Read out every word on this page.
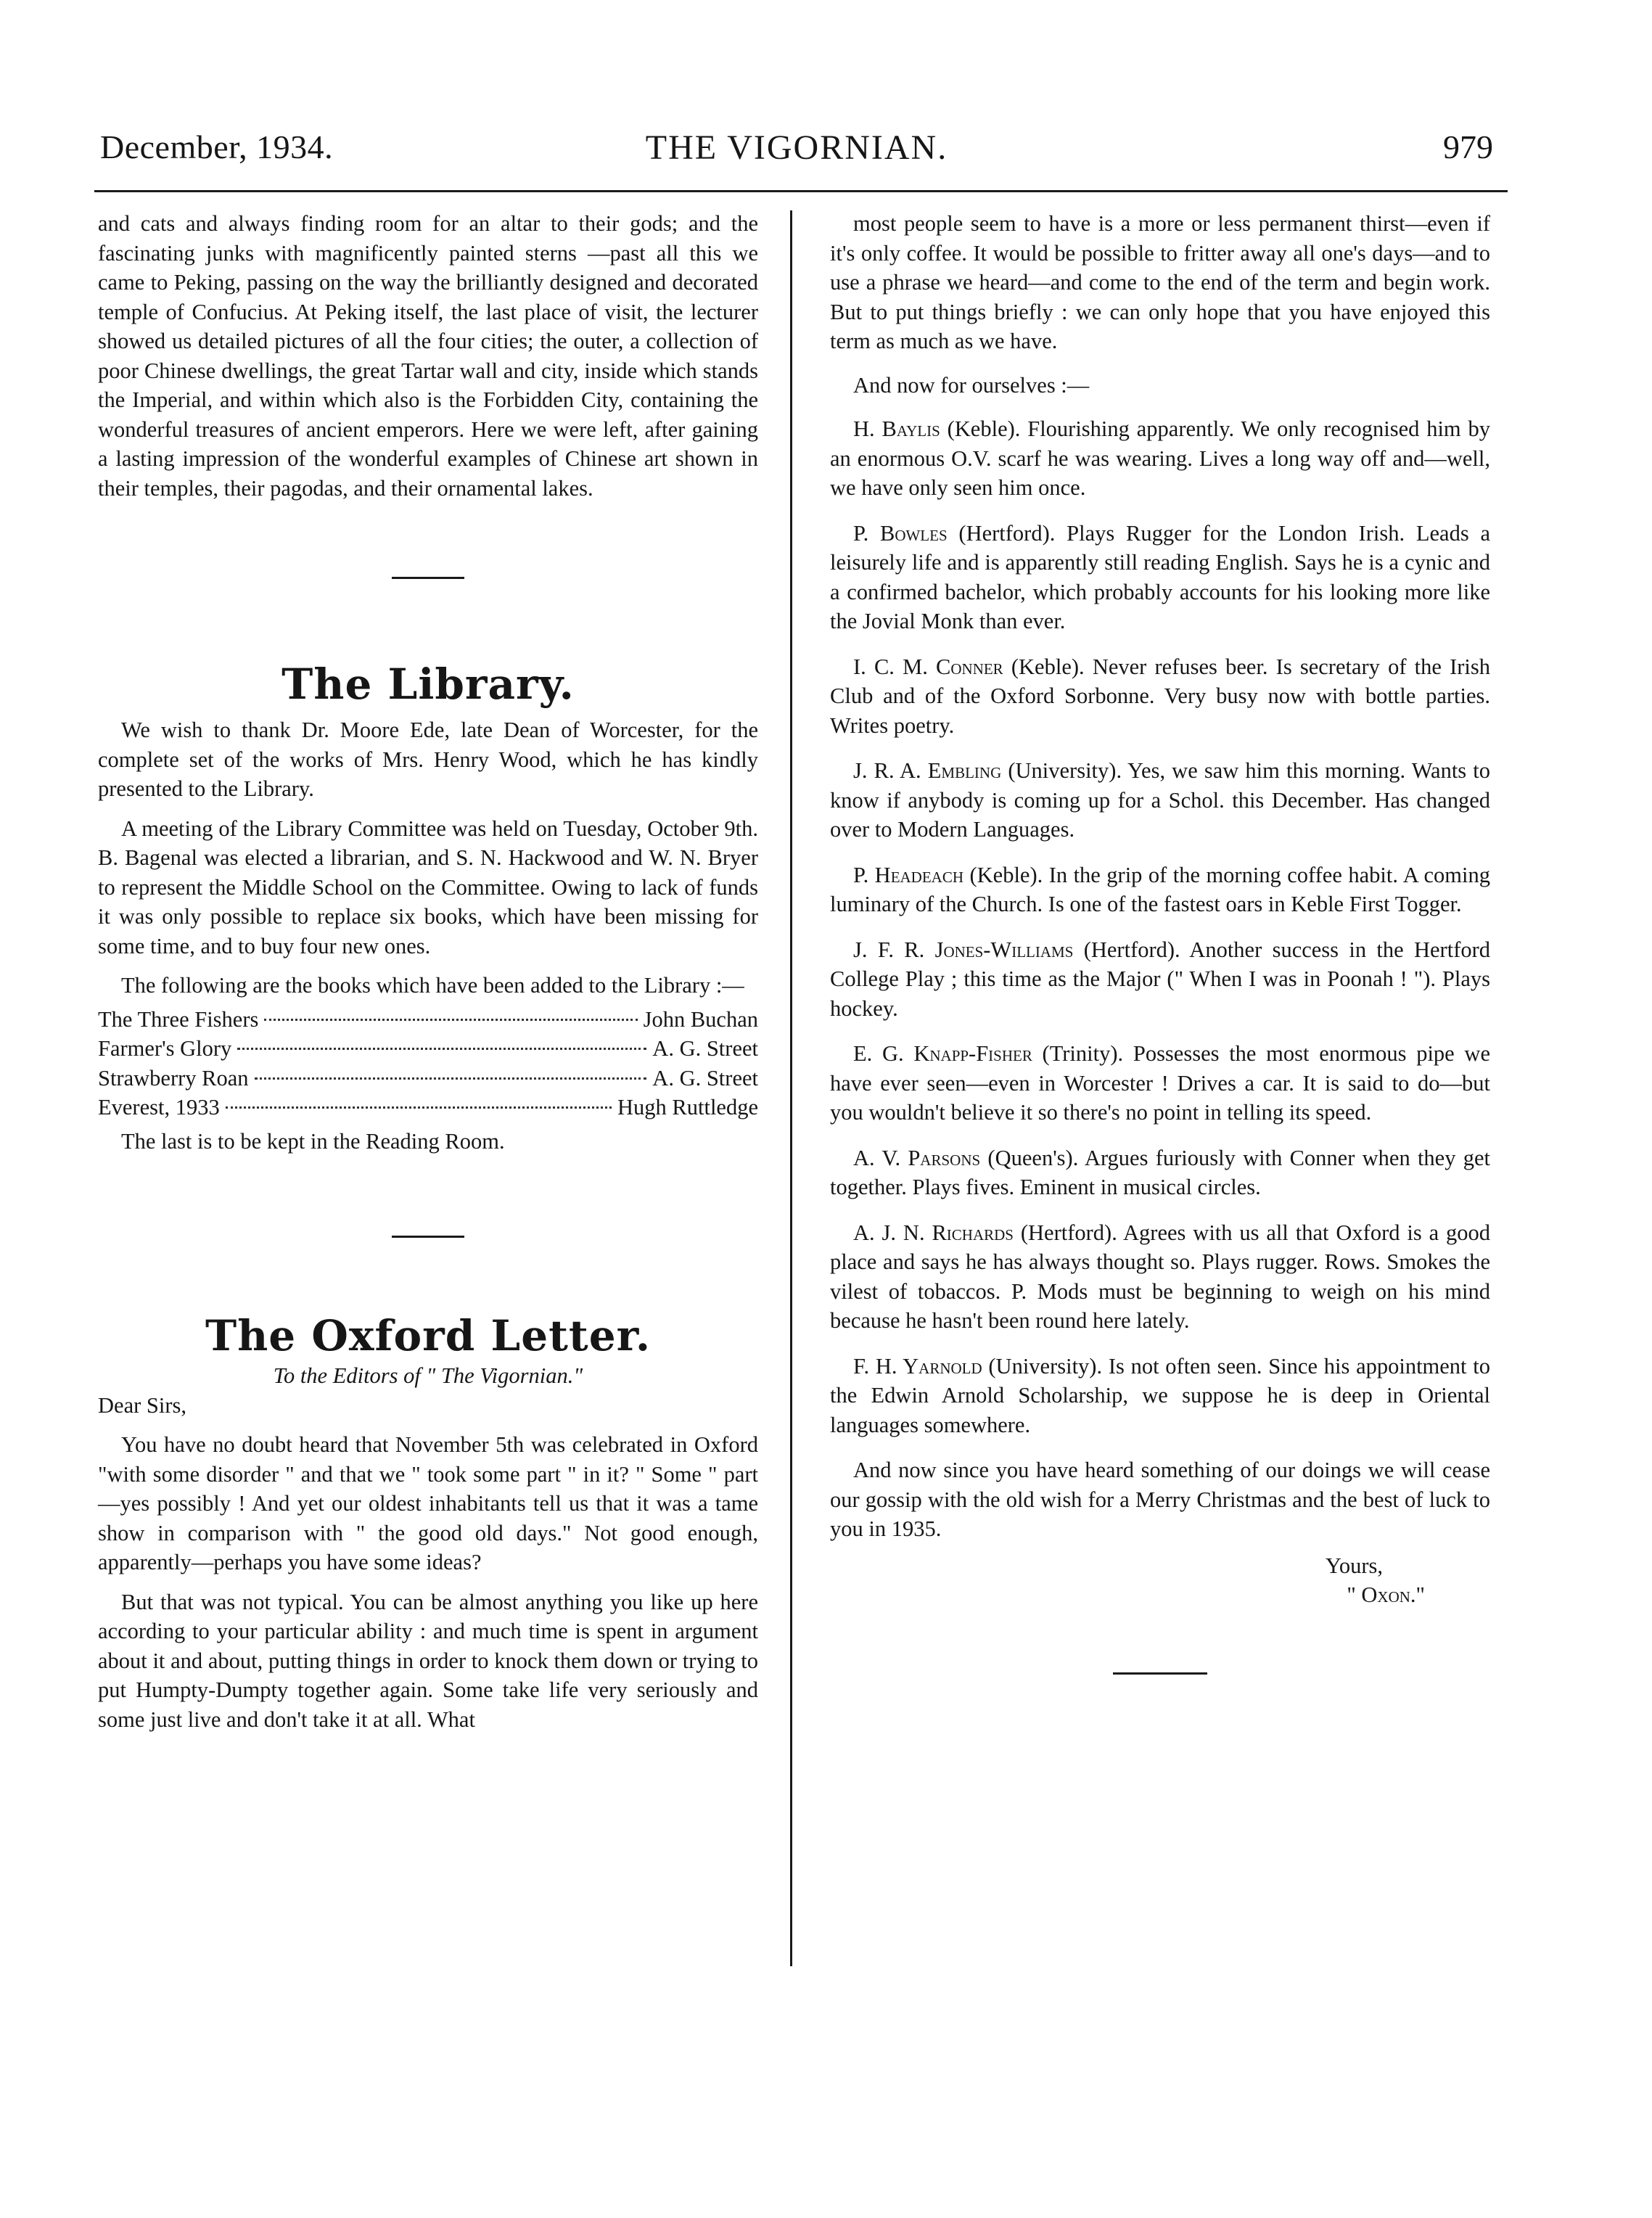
December, 1934.	THE VIGORNIAN.	979

and cats and always finding room for an altar to their gods; and the fascinating junks with magnificently painted sterns —past all this we came to Peking, passing on the way the brilliantly designed and decorated temple of Confucius. At Peking itself, the last place of visit, the lecturer showed us detailed pictures of all the four cities; the outer, a collection of poor Chinese dwellings, the great Tartar wall and city, inside which stands the Imperial, and within which also is the Forbidden City, containing the wonderful treasures of ancient emperors. Here we were left, after gaining a lasting impression of the wonderful examples of Chinese art shown in their temples, their pagodas, and their ornamental lakes.

The Library.

We wish to thank Dr. Moore Ede, late Dean of Worcester, for the complete set of the works of Mrs. Henry Wood, which he has kindly presented to the Library.

A meeting of the Library Committee was held on Tuesday, October 9th. B. Bagenal was elected a librarian, and S. N. Hackwood and W. N. Bryer to represent the Middle School on the Committee. Owing to lack of funds it was only possible to replace six books, which have been missing for some time, and to buy four new ones.

The following are the books which have been added to the Library :—

The Three Fishers	John Buchan
Farmer's Glory	A. G. Street
Strawberry Roan	A. G. Street
Everest, 1933	Hugh Ruttledge

The last is to be kept in the Reading Room.

The Oxford Letter.
To the Editors of " The Vigornian."

Dear Sirs,

You have no doubt heard that November 5th was celebrated in Oxford "with some disorder " and that we " took some part " in it? " Some " part—yes possibly ! And yet our oldest inhabitants tell us that it was a tame show in comparison with " the good old days." Not good enough, apparently—perhaps you have some ideas?

But that was not typical. You can be almost anything you like up here according to your particular ability : and much time is spent in argument about it and about, putting things in order to knock them down or trying to put Humpty-Dumpty together again. Some take life very seriously and some just live and don't take it at all. What

most people seem to have is a more or less permanent thirst—even if it's only coffee. It would be possible to fritter away all one's days—and to use a phrase we heard—and come to the end of the term and begin work. But to put things briefly : we can only hope that you have enjoyed this term as much as we have.

And now for ourselves :—

H. Baylis (Keble). Flourishing apparently. We only recognised him by an enormous O.V. scarf he was wearing. Lives a long way off and—well, we have only seen him once.

P. Bowles (Hertford). Plays Rugger for the London Irish. Leads a leisurely life and is apparently still reading English. Says he is a cynic and a confirmed bachelor, which probably accounts for his looking more like the Jovial Monk than ever.

I. C. M. Conner (Keble). Never refuses beer. Is secretary of the Irish Club and of the Oxford Sorbonne. Very busy now with bottle parties. Writes poetry.

J. R. A. Embling (University). Yes, we saw him this morning. Wants to know if anybody is coming up for a Schol. this December. Has changed over to Modern Languages.

P. Headeach (Keble). In the grip of the morning coffee habit. A coming luminary of the Church. Is one of the fastest oars in Keble First Togger.

J. F. R. Jones-Williams (Hertford). Another success in the Hertford College Play ; this time as the Major (" When I was in Poonah ! "). Plays hockey.

E. G. Knapp-Fisher (Trinity). Possesses the most enormous pipe we have ever seen—even in Worcester ! Drives a car. It is said to do—but you wouldn't believe it so there's no point in telling its speed.

A. V. Parsons (Queen's). Argues furiously with Conner when they get together. Plays fives. Eminent in musical circles.

A. J. N. Richards (Hertford). Agrees with us all that Oxford is a good place and says he has always thought so. Plays rugger. Rows. Smokes the vilest of tobaccos. P. Mods must be beginning to weigh on his mind because he hasn't been round here lately.

F. H. Yarnold (University). Is not often seen. Since his appointment to the Edwin Arnold Scholarship, we suppose he is deep in Oriental languages somewhere.

And now since you have heard something of our doings we will cease our gossip with the old wish for a Merry Christmas and the best of luck to you in 1935.

Yours,
" Oxon."
